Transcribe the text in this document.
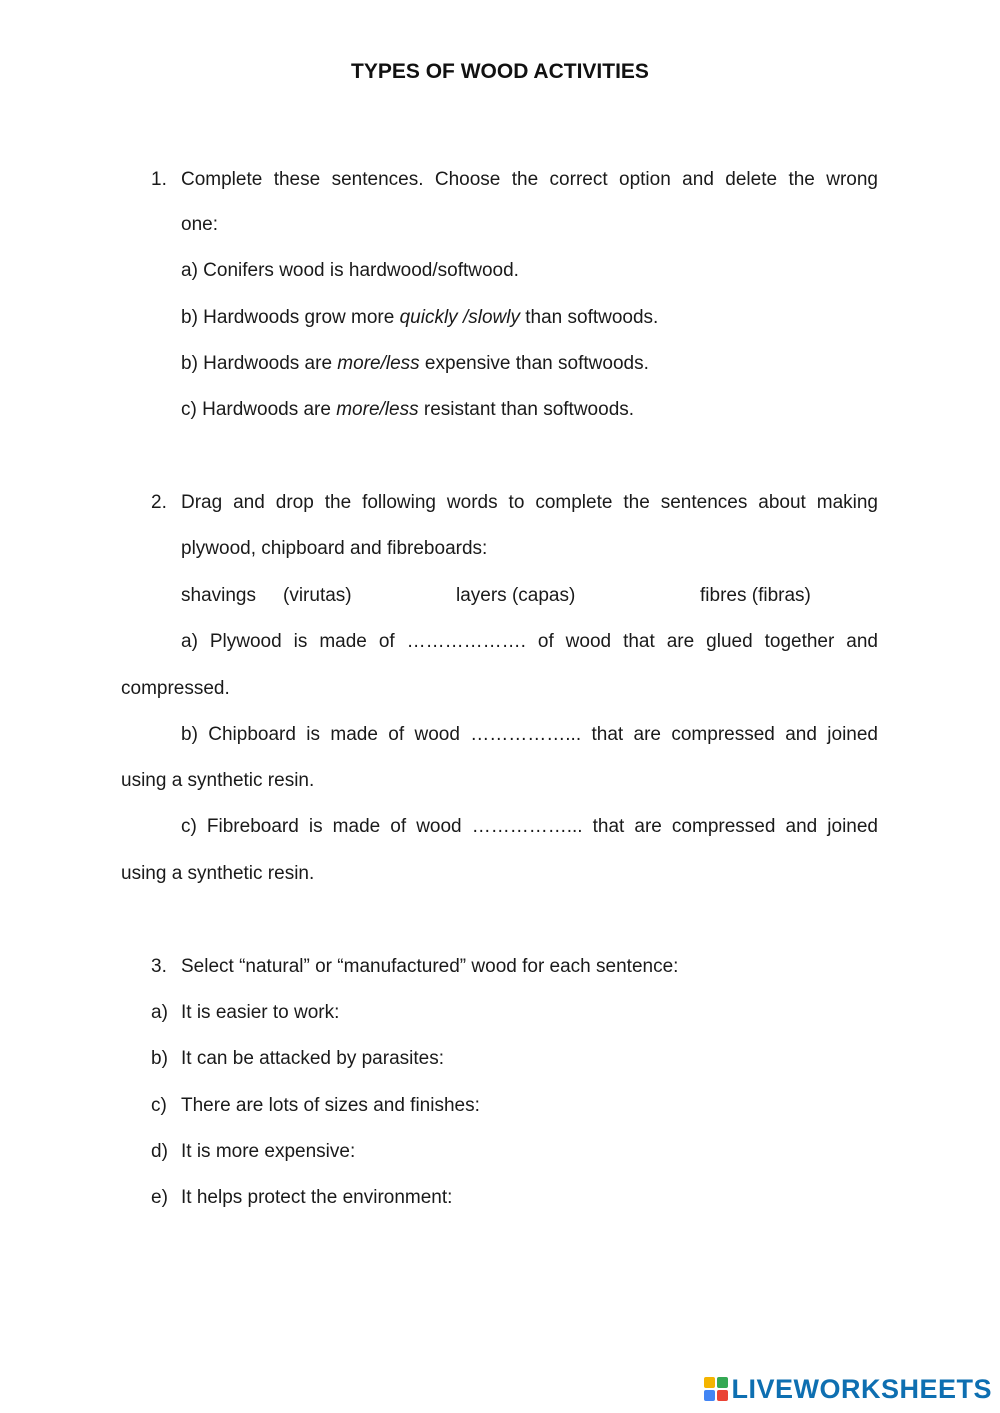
TYPES OF WOOD ACTIVITIES
1. Complete these sentences. Choose the correct option and delete the wrong
one:
a) Conifers wood is hardwood/softwood.
b) Hardwoods grow more quickly /slowly than softwoods.
b) Hardwoods are more/less expensive than softwoods.
c) Hardwoods are more/less resistant than softwoods.
2. Drag and drop the following words to complete the sentences about making
plywood, chipboard and fibreboards:
shavings (virutas)	layers (capas)	fibres (fibras)
a) Plywood is made of ………………. of wood that are glued together and
compressed.
b) Chipboard is made of wood ……………... that are compressed and joined
using a synthetic resin.
c) Fibreboard is made of wood ……………... that are compressed and joined
using a synthetic resin.
3. Select “natural” or “manufactured” wood for each sentence:
a) It is easier to work:
b) It can be attacked by parasites:
c) There are lots of sizes and finishes:
d) It is more expensive:
e) It helps protect the environment:
LIVEWORKSHEETS
